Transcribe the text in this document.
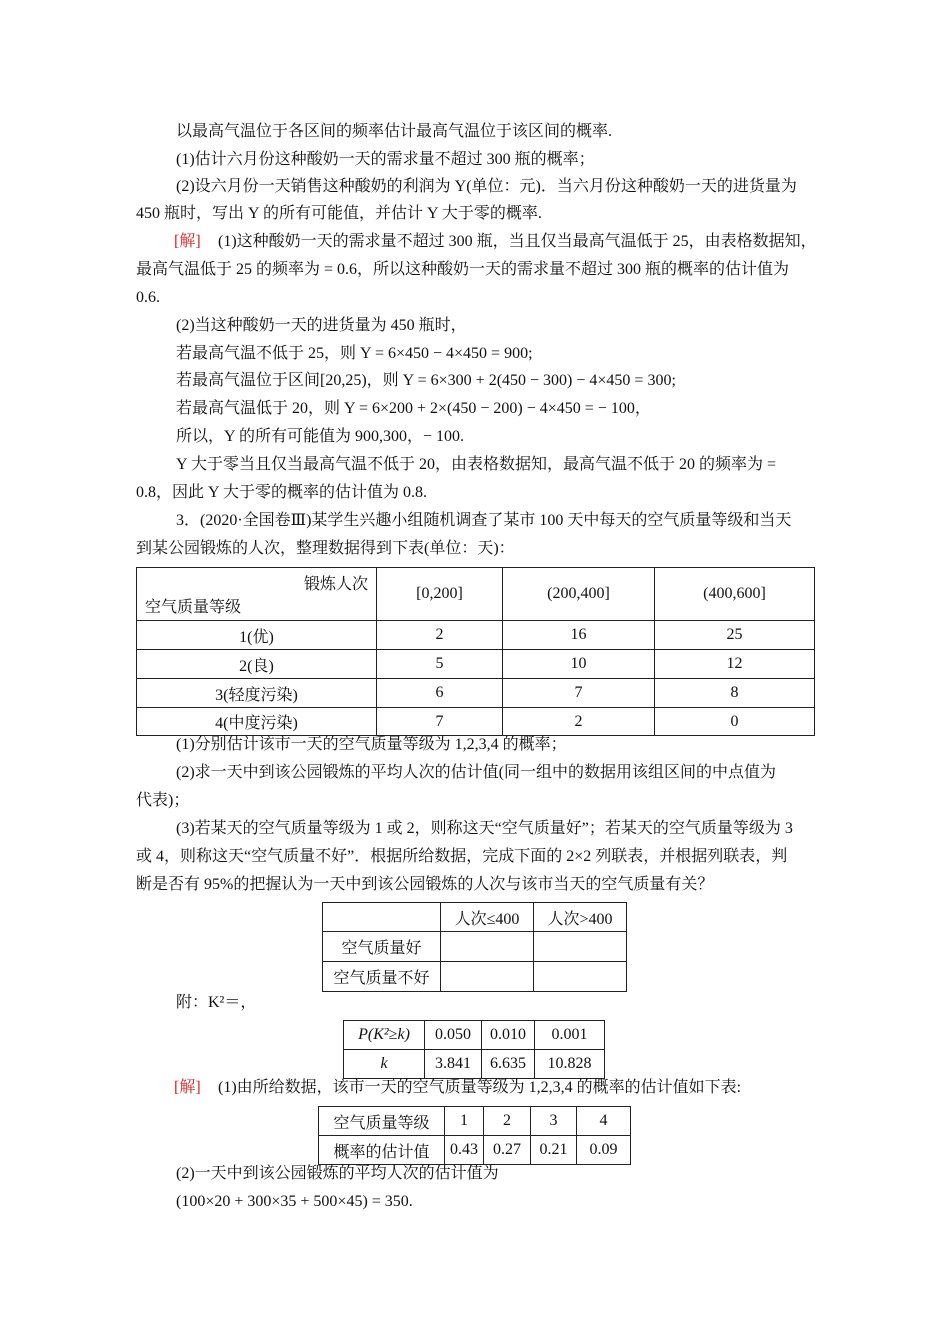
以最高气温位于各区间的频率估计最高气温位于该区间的概率.
(1)估计六月份这种酸奶一天的需求量不超过 300 瓶的概率；
(2)设六月份一天销售这种酸奶的利润为 Y(单位：元)．当六月份这种酸奶一天的进货量为
450 瓶时，写出 Y 的所有可能值，并估计 Y 大于零的概率.
[解] (1)这种酸奶一天的需求量不超过 300 瓶，当且仅当最高气温低于 25，由表格数据知，
最高气温低于 25 的频率为 = 0.6，所以这种酸奶一天的需求量不超过 300 瓶的概率的估计值为
0.6.
(2)当这种酸奶一天的进货量为 450 瓶时，
若最高气温不低于 25，则 Y = 6×450 − 4×450 = 900;
若最高气温位于区间[20,25)，则 Y = 6×300 + 2(450 − 300) − 4×450 = 300;
若最高气温低于 20，则 Y = 6×200 + 2×(450 − 200) − 4×450 = − 100，
所以，Y 的所有可能值为 900,300，− 100.
Y 大于零当且仅当最高气温不低于 20，由表格数据知，最高气温不低于 20 的频率为 =
0.8，因此 Y 大于零的概率的估计值为 0.8.
3．(2020·全国卷Ⅲ)某学生兴趣小组随机调查了某市 100 天中每天的空气质量等级和当天
到某公园锻炼的人次，整理数据得到下表(单位：天)：
锻炼人次
空气质量等级	[0,200]	(200,400]	(400,600]
1(优)	2	16	25
2(良)	5	10	12
3(轻度污染)	6	7	8
4(中度污染)	7	2	0
(1)分别估计该市一天的空气质量等级为 1,2,3,4 的概率；
(2)求一天中到该公园锻炼的平均人次的估计值(同一组中的数据用该组区间的中点值为
代表)；
(3)若某天的空气质量等级为 1 或 2，则称这天“空气质量好”；若某天的空气质量等级为 3
或 4，则称这天“空气质量不好”．根据所给数据，完成下面的 2×2 列联表，并根据列联表，判
断是否有 95%的把握认为一天中到该公园锻炼的人次与该市当天的空气质量有关？
	人次≤400	人次>400
空气质量好		
空气质量不好		
附：K²＝，
P(K²≥k)	0.050	0.010	0.001
k	3.841	6.635	10.828
[解] (1)由所给数据，该市一天的空气质量等级为 1,2,3,4 的概率的估计值如下表:
空气质量等级	1	2	3	4
概率的估计值	0.43	0.27	0.21	0.09
(2)一天中到该公园锻炼的平均人次的估计值为
(100×20 + 300×35 + 500×45) = 350.
